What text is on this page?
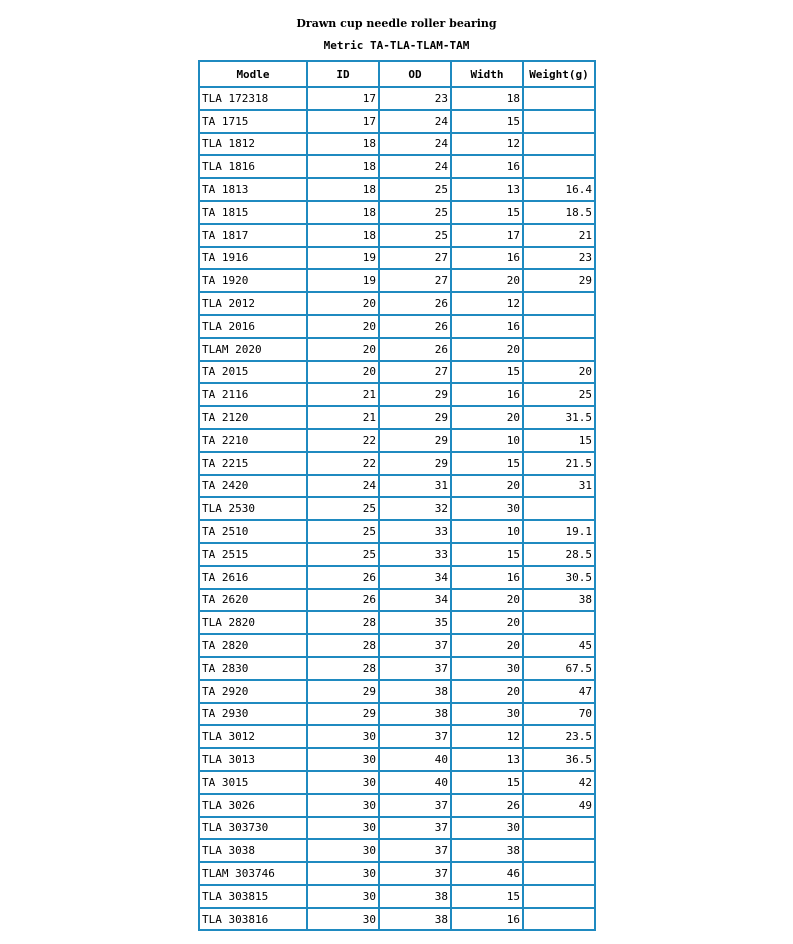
Drawn cup needle roller bearing
Metric TA-TLA-TLAM-TAM
Modle	ID	OD	Width	Weight(g)
TLA 172318	17	23	18	
TA 1715	17	24	15	
TLA 1812	18	24	12	
TLA 1816	18	24	16	
TA 1813	18	25	13	16.4
TA 1815	18	25	15	18.5
TA 1817	18	25	17	21
TA 1916	19	27	16	23
TA 1920	19	27	20	29
TLA 2012	20	26	12	
TLA 2016	20	26	16	
TLAM 2020	20	26	20	
TA 2015	20	27	15	20
TA 2116	21	29	16	25
TA 2120	21	29	20	31.5
TA 2210	22	29	10	15
TA 2215	22	29	15	21.5
TA 2420	24	31	20	31
TLA 2530	25	32	30	
TA 2510	25	33	10	19.1
TA 2515	25	33	15	28.5
TA 2616	26	34	16	30.5
TA 2620	26	34	20	38
TLA 2820	28	35	20	
TA 2820	28	37	20	45
TA 2830	28	37	30	67.5
TA 2920	29	38	20	47
TA 2930	29	38	30	70
TLA 3012	30	37	12	23.5
TLA 3013	30	40	13	36.5
TA 3015	30	40	15	42
TLA 3026	30	37	26	49
TLA 303730	30	37	30	
TLA 3038	30	37	38	
TLAM 303746	30	37	46	
TLA 303815	30	38	15	
TLA 303816	30	38	16	
